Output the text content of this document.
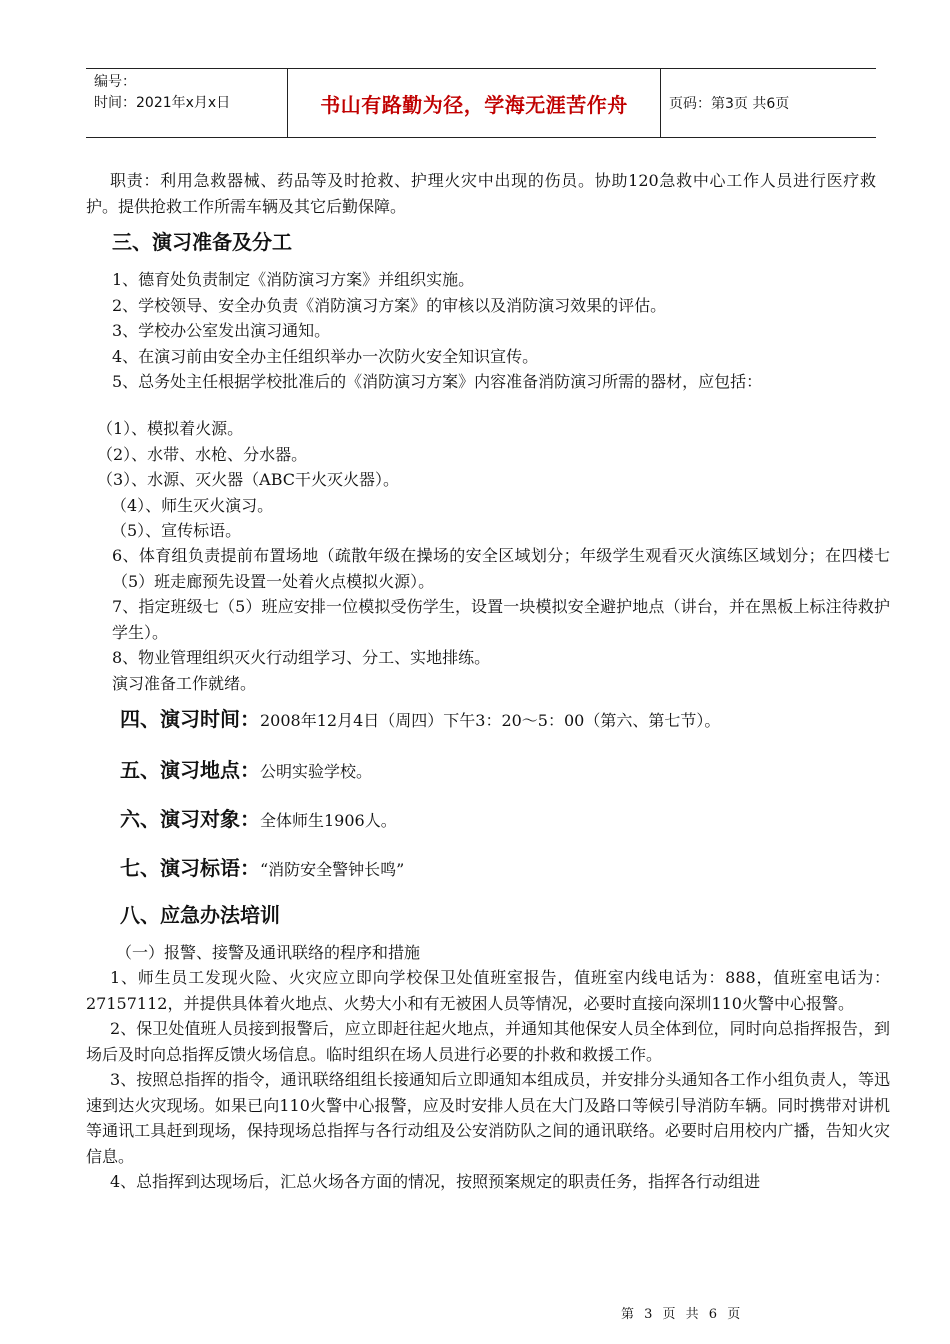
编号：
时间：2021年x月x日	书山有路勤为径，学海无涯苦作舟	页码：第3页 共6页

职责：利用急救器械、药品等及时抢救、护理火灾中出现的伤员。协助120急救中心工作人员进行医疗救护。提供抢救工作所需车辆及其它后勤保障。

三、演习准备及分工

1、德育处负责制定《消防演习方案》并组织实施。

2、学校领导、安全办负责《消防演习方案》的审核以及消防演习效果的评估。

3、学校办公室发出演习通知。

4、在演习前由安全办主任组织举办一次防火安全知识宣传。

5、总务处主任根据学校批准后的《消防演习方案》内容准备消防演习所需的器材，应包括：

（1）、模拟着火源。

（2）、水带、水枪、分水器。

（3）、水源、灭火器（ABC干火灭火器）。

（4）、师生灭火演习。

（5）、宣传标语。

6、体育组负责提前布置场地（疏散年级在操场的安全区域划分；年级学生观看灭火演练区域划分；在四楼七（5）班走廊预先设置一处着火点模拟火源）。

7、指定班级七（5）班应安排一位模拟受伤学生，设置一块模拟安全避护地点（讲台，并在黑板上标注待救护学生）。

8、物业管理组织灭火行动组学习、分工、实地排练。

演习准备工作就绪。

四、演习时间：2008年12月4日（周四）下午3：20～5：00（第六、第七节）。
五、演习地点：公明实验学校。
六、演习对象：全体师生1906人。
七、演习标语：“消防安全警钟长鸣”
八、应急办法培训

（一）报警、接警及通讯联络的程序和措施

1、师生员工发现火险、火灾应立即向学校保卫处值班室报告，值班室内线电话为：888，值班室电话为：27157112，并提供具体着火地点、火势大小和有无被困人员等情况，必要时直接向深圳110火警中心报警。

2、保卫处值班人员接到报警后，应立即赶往起火地点，并通知其他保安人员全体到位，同时向总指挥报告，到场后及时向总指挥反馈火场信息。临时组织在场人员进行必要的扑救和救援工作。

3、按照总指挥的指令，通讯联络组组长接通知后立即通知本组成员，并安排分头通知各工作小组负责人，等迅速到达火灾现场。如果已向110火警中心报警，应及时安排人员在大门及路口等候引导消防车辆。同时携带对讲机等通讯工具赶到现场，保持现场总指挥与各行动组及公安消防队之间的通讯联络。必要时启用校内广播，告知火灾信息。

4、总指挥到达现场后，汇总火场各方面的情况，按照预案规定的职责任务，指挥各行动组进

第 3 页 共 6 页
